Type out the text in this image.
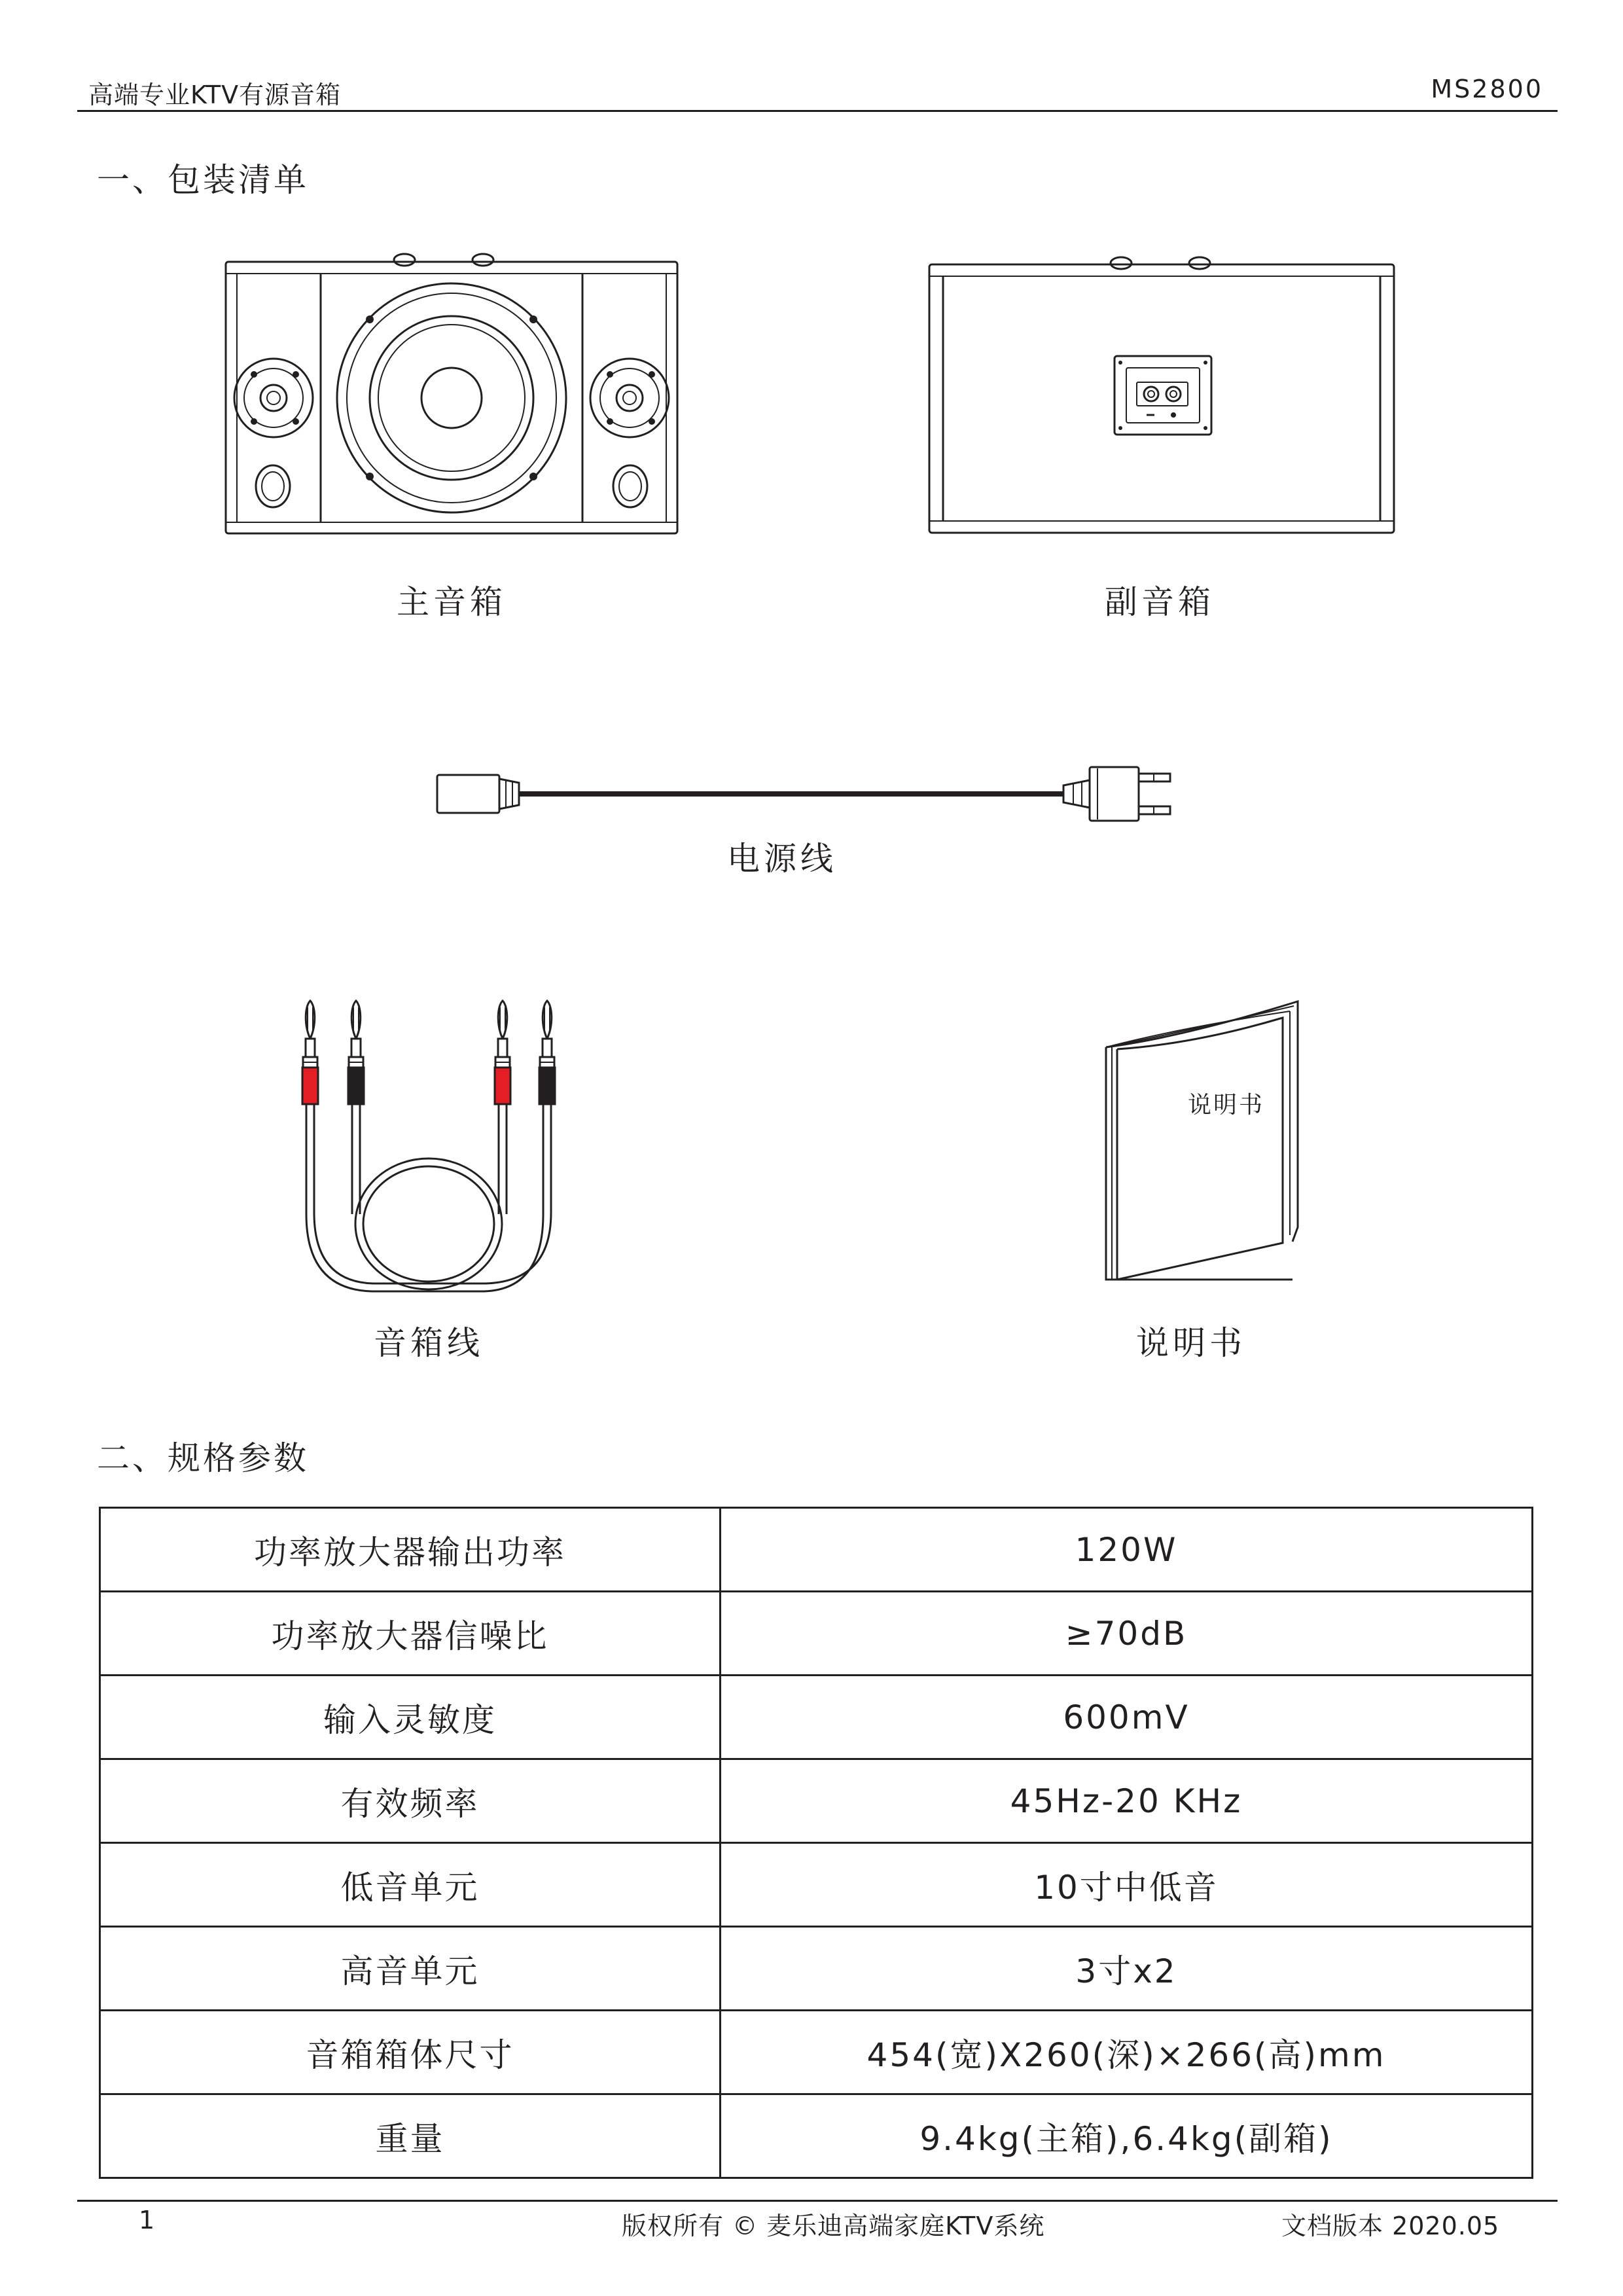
高端专业KTV有源音箱	MS2800
一、包装清单
主音箱	副音箱
电源线
音箱线
说明书
说明书
二、规格参数
功率放大器输出功率	120W
功率放大器信噪比	≥70dB
输入灵敏度	600mV
有效频率	45Hz-20 KHz
低音单元	10寸中低音
高音单元	3寸x2
音箱箱体尺寸	454(宽)X260(深)×266(高)mm
重量	9.4kg(主箱),6.4kg(副箱)
1	版权所有 © 麦乐迪高端家庭KTV系统	文档版本 2020.05
